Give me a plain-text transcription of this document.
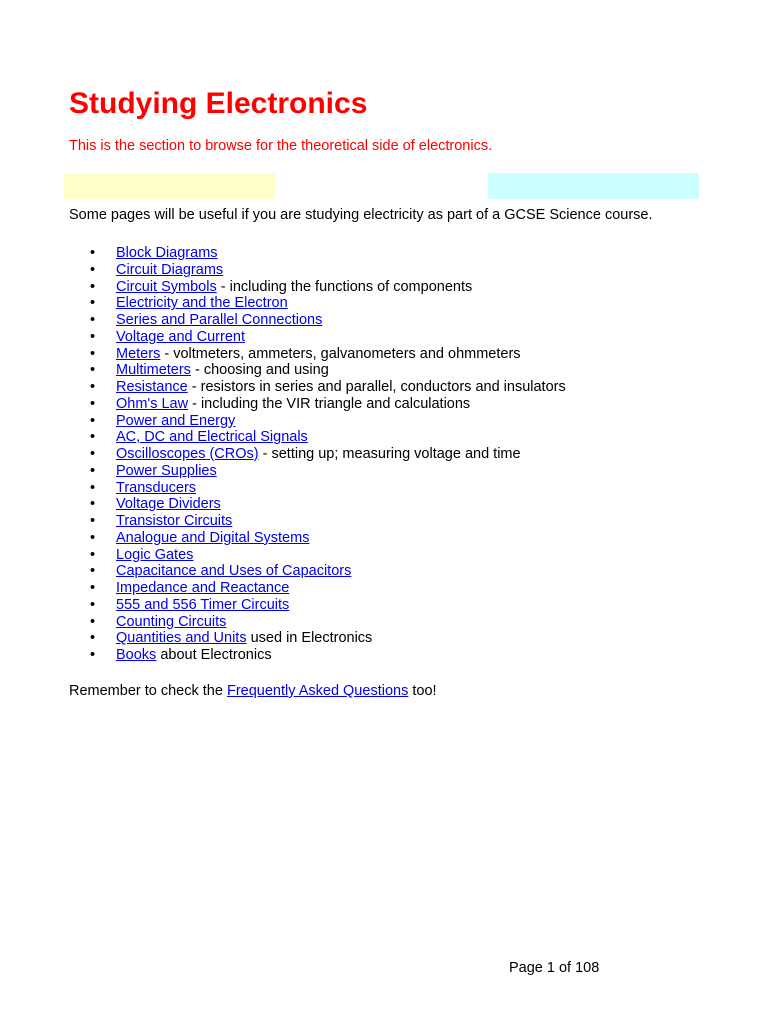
Studying Electronics
This is the section to browse for the theoretical side of electronics.
Some pages will be useful if you are studying electricity as part of a GCSE Science course.
• Block Diagrams
• Circuit Diagrams
• Circuit Symbols - including the functions of components
• Electricity and the Electron
• Series and Parallel Connections
• Voltage and Current
• Meters - voltmeters, ammeters, galvanometers and ohmmeters
• Multimeters - choosing and using
• Resistance - resistors in series and parallel, conductors and insulators
• Ohm's Law - including the VIR triangle and calculations
• Power and Energy
• AC, DC and Electrical Signals
• Oscilloscopes (CROs) - setting up; measuring voltage and time
• Power Supplies
• Transducers
• Voltage Dividers
• Transistor Circuits
• Analogue and Digital Systems
• Logic Gates
• Capacitance and Uses of Capacitors
• Impedance and Reactance
• 555 and 556 Timer Circuits
• Counting Circuits
• Quantities and Units used in Electronics
• Books about Electronics
Remember to check the Frequently Asked Questions too!
Page 1 of 108
